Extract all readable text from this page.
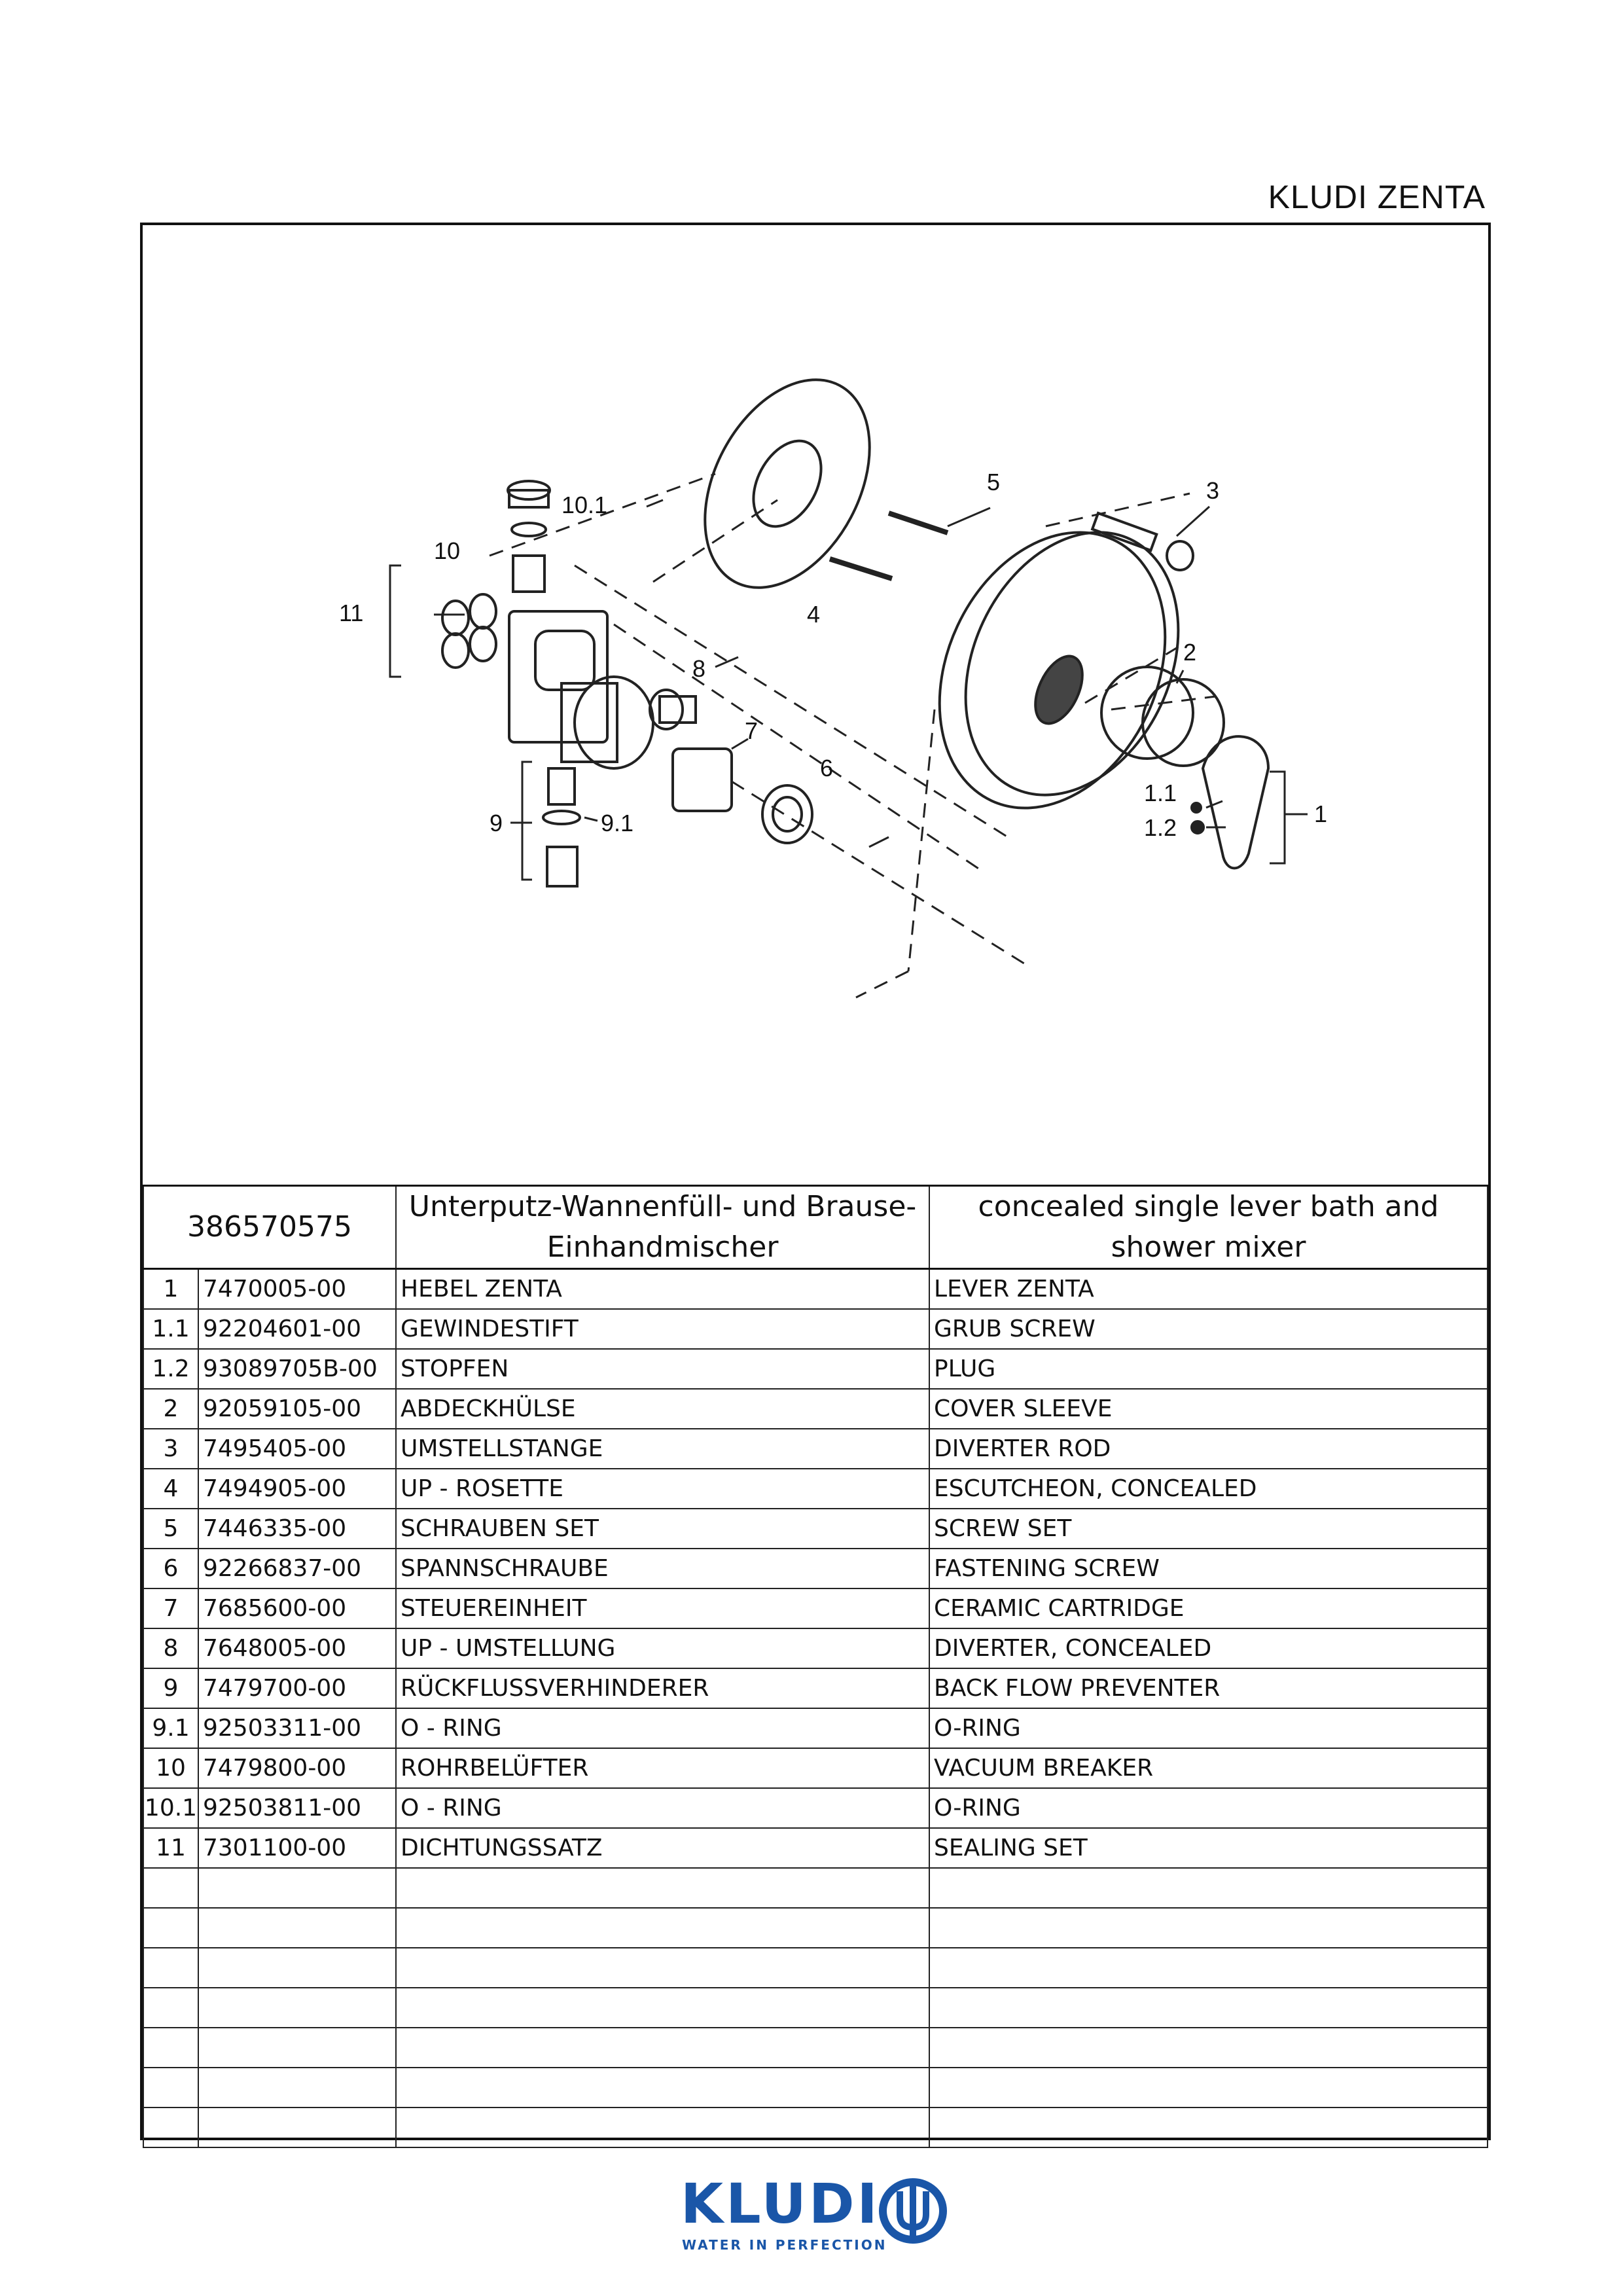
KLUDI ZENTA
10.1
10
11	4
5	3
2
8
7
6
9	9.1
1.1
1.2
1
386570575		Unterputz-Wannenfüll- und Brause-Einhandmischer	concealed single lever bath and shower mixer
1	7470005-00	HEBEL ZENTA	LEVER ZENTA
1.1	92204601-00	GEWINDESTIFT	GRUB SCREW
1.2	93089705B-00	STOPFEN	PLUG
2	92059105-00	ABDECKHÜLSE	COVER SLEEVE
3	7495405-00	UMSTELLSTANGE	DIVERTER ROD
4	7494905-00	UP - ROSETTE	ESCUTCHEON, CONCEALED
5	7446335-00	SCHRAUBEN SET	SCREW SET
6	92266837-00	SPANNSCHRAUBE	FASTENING SCREW
7	7685600-00	STEUEREINHEIT	CERAMIC CARTRIDGE
8	7648005-00	UP - UMSTELLUNG	DIVERTER, CONCEALED
9	7479700-00	RÜCKFLUSSVERHINDERER	BACK FLOW PREVENTER
9.1	92503311-00	O - RING	O-RING
10	7479800-00	ROHRBELÜFTER	VACUUM BREAKER
10.1	92503811-00	O - RING	O-RING
11	7301100-00	DICHTUNGSSATZ	SEALING SET

KLUDI
WATER IN PERFECTION
